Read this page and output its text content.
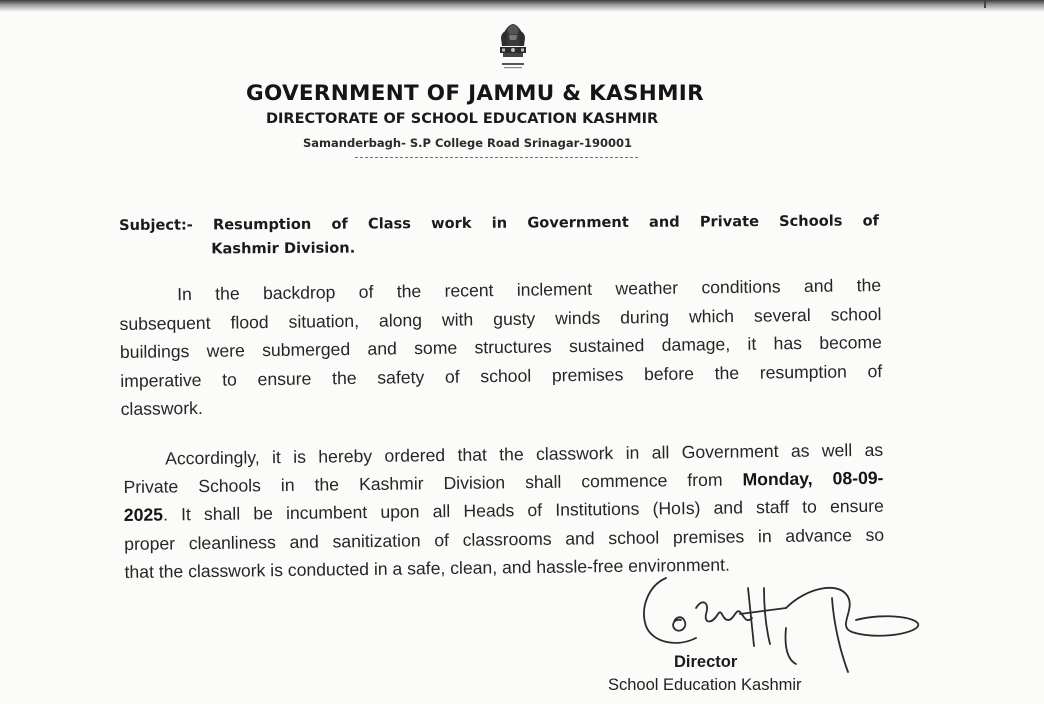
GOVERNMENT OF JAMMU & KASHMIR
DIRECTORATE OF SCHOOL EDUCATION KASHMIR
Samanderbagh- S.P College Road Srinagar-190001
Subject:- Resumption of Class work in Government and Private Schools of
Kashmir Division.
In the backdrop of the recent inclement weather conditions and the
subsequent flood situation, along with gusty winds during which several school
buildings were submerged and some structures sustained damage, it has become
imperative to ensure the safety of school premises before the resumption of
classwork.
Accordingly, it is hereby ordered that the classwork in all Government as well as
Private Schools in the Kashmir Division shall commence from Monday, 08-09-
2025. It shall be incumbent upon all Heads of Institutions (HoIs) and staff to ensure
proper cleanliness and sanitization of classrooms and school premises in advance so
that the classwork is conducted in a safe, clean, and hassle-free environment.
Director
School Education Kashmir
